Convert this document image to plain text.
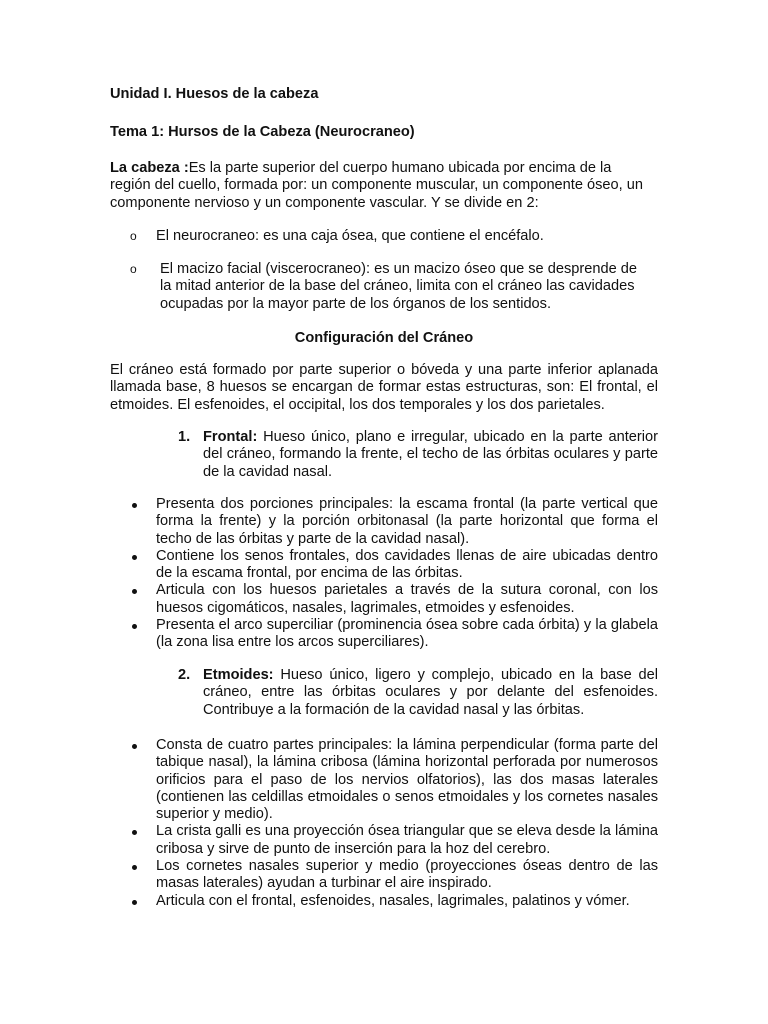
Unidad I. Huesos de la cabeza

Tema 1: Hursos de la Cabeza (Neurocraneo)

La cabeza :Es la parte superior del cuerpo humano ubicada por encima de la región del cuello, formada por: un componente muscular, un componente óseo, un componente nervioso y un componente vascular. Y se divide en 2:

o El neurocraneo: es una caja ósea, que contiene el encéfalo.
o El macizo facial (viscerocraneo): es un macizo óseo que se desprende de la mitad anterior de la base del cráneo, limita con el cráneo las cavidades ocupadas por la mayor parte de los órganos de los sentidos.

Configuración del Cráneo

El cráneo está formado por parte superior o bóveda y una parte inferior aplanada llamada base, 8 huesos se encargan de formar estas estructuras, son: El frontal, el etmoides. El esfenoides, el occipital, los dos temporales y los dos parietales.

1. Frontal: Hueso único, plano e irregular, ubicado en la parte anterior del cráneo, formando la frente, el techo de las órbitas oculares y parte de la cavidad nasal.
Presenta dos porciones principales: la escama frontal (la parte vertical que forma la frente) y la porción orbitonasal (la parte horizontal que forma el techo de las órbitas y parte de la cavidad nasal).
Contiene los senos frontales, dos cavidades llenas de aire ubicadas dentro de la escama frontal, por encima de las órbitas.
Articula con los huesos parietales a través de la sutura coronal, con los huesos cigomáticos, nasales, lagrimales, etmoides y esfenoides.
Presenta el arco superciliar (prominencia ósea sobre cada órbita) y la glabela (la zona lisa entre los arcos superciliares).
2. Etmoides: Hueso único, ligero y complejo, ubicado en la base del cráneo, entre las órbitas oculares y por delante del esfenoides. Contribuye a la formación de la cavidad nasal y las órbitas.
Consta de cuatro partes principales: la lámina perpendicular (forma parte del tabique nasal), la lámina cribosa (lámina horizontal perforada por numerosos orificios para el paso de los nervios olfatorios), las dos masas laterales (contienen las celdillas etmoidales o senos etmoidales y los cornetes nasales superior y medio).
La crista galli es una proyección ósea triangular que se eleva desde la lámina cribosa y sirve de punto de inserción para la hoz del cerebro.
Los cornetes nasales superior y medio (proyecciones óseas dentro de las masas laterales) ayudan a turbinar el aire inspirado.
Articula con el frontal, esfenoides, nasales, lagrimales, palatinos y vómer.
